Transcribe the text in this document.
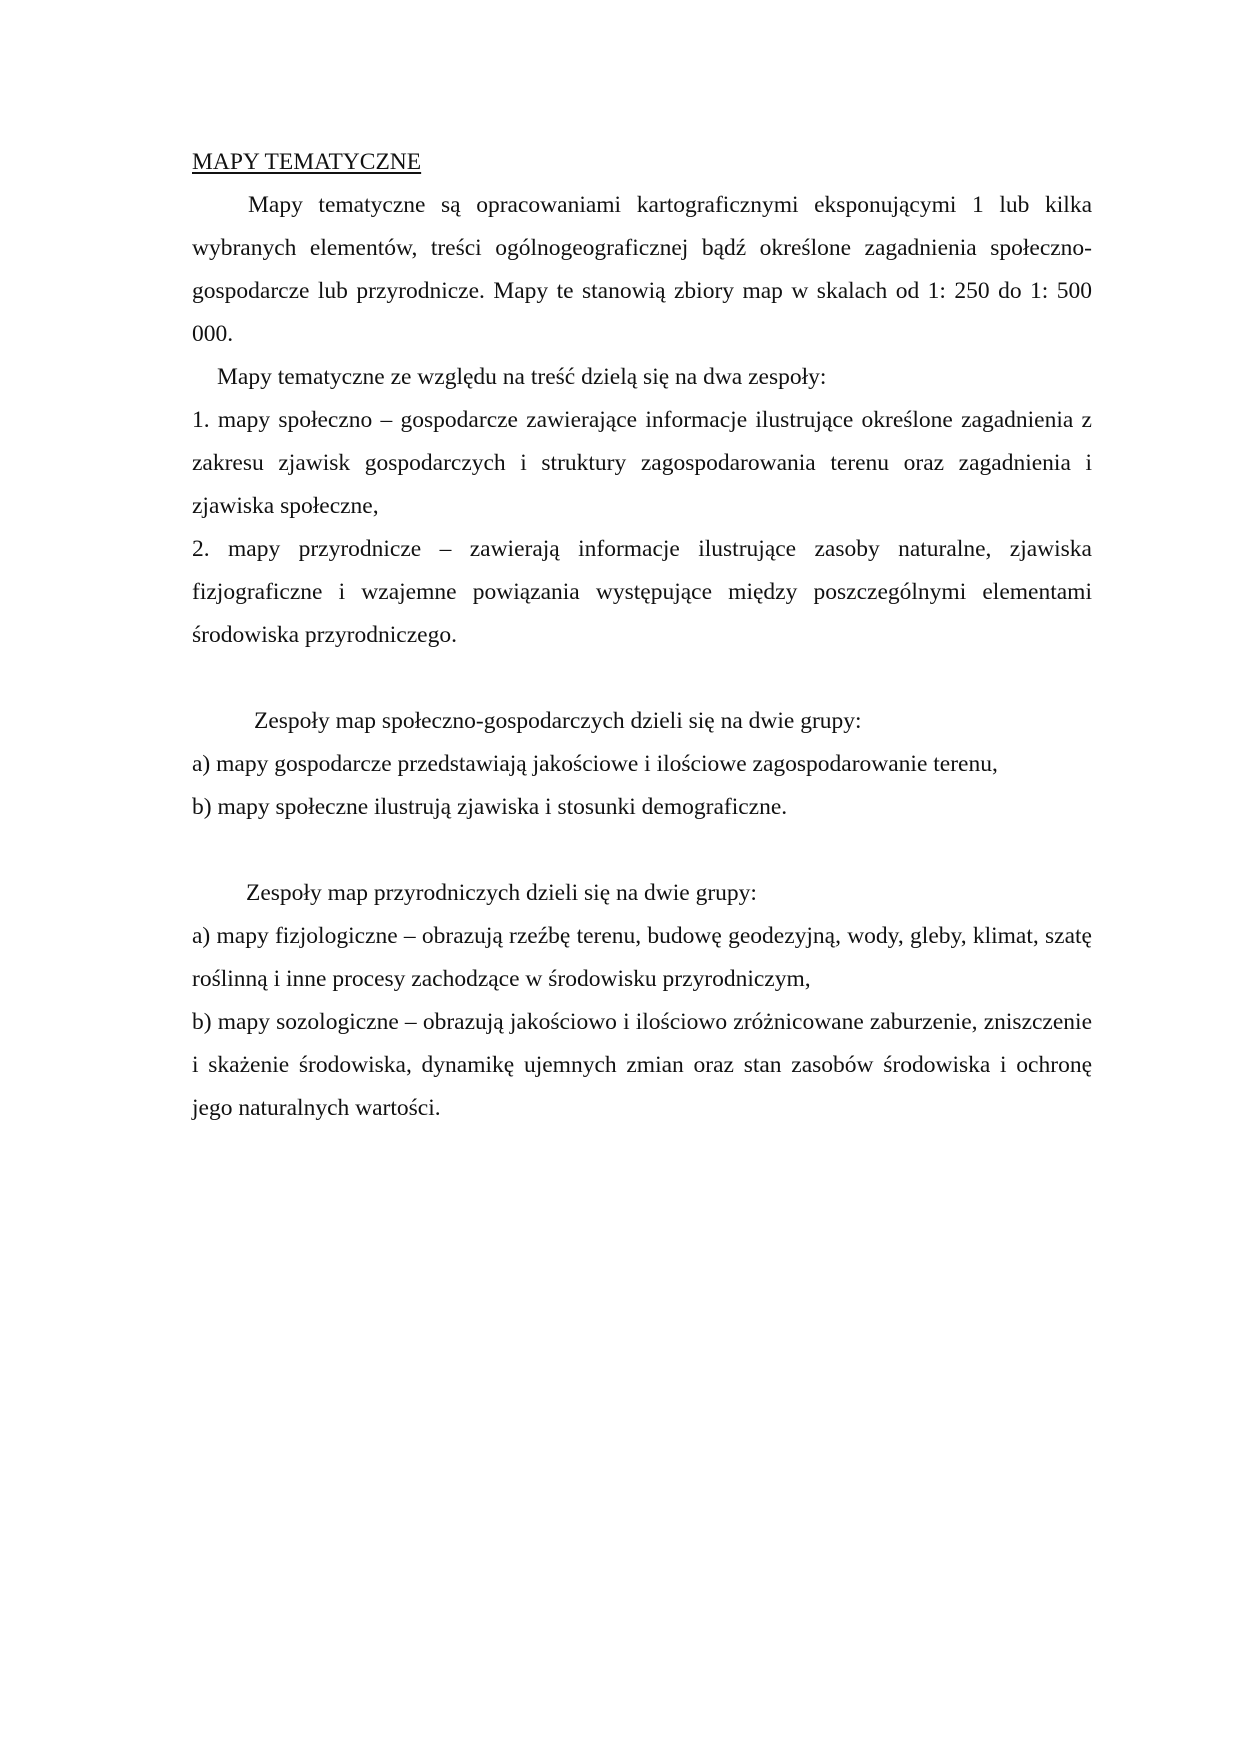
MAPY TEMATYCZNE

Mapy tematyczne są opracowaniami kartograficznymi eksponującymi 1 lub kilka wybranych elementów, treści ogólnogeograficznej bądź określone zagadnienia społeczno-gospodarcze lub przyrodnicze. Mapy te stanowią zbiory map w skalach od 1: 250 do 1: 500 000.

Mapy tematyczne ze względu na treść dzielą się na dwa zespoły:

1. mapy społeczno – gospodarcze zawierające informacje ilustrujące określone zagadnienia z zakresu zjawisk gospodarczych i struktury zagospodarowania terenu oraz zagadnienia i zjawiska społeczne,

2. mapy przyrodnicze – zawierają informacje ilustrujące zasoby naturalne, zjawiska fizjograficzne i wzajemne powiązania występujące między poszczególnymi elementami środowiska przyrodniczego.

Zespoły map społeczno-gospodarczych dzieli się na dwie grupy:

a) mapy gospodarcze przedstawiają jakościowe i ilościowe zagospodarowanie terenu,

b) mapy społeczne ilustrują zjawiska i stosunki demograficzne.

Zespoły map przyrodniczych dzieli się na dwie grupy:

a) mapy fizjologiczne – obrazują rzeźbę terenu, budowę geodezyjną, wody, gleby, klimat, szatę roślinną i inne procesy zachodzące w środowisku przyrodniczym,

b) mapy sozologiczne – obrazują jakościowo i ilościowo zróżnicowane zaburzenie, zniszczenie i skażenie środowiska, dynamikę ujemnych zmian oraz stan zasobów środowiska i ochronę jego naturalnych wartości.
